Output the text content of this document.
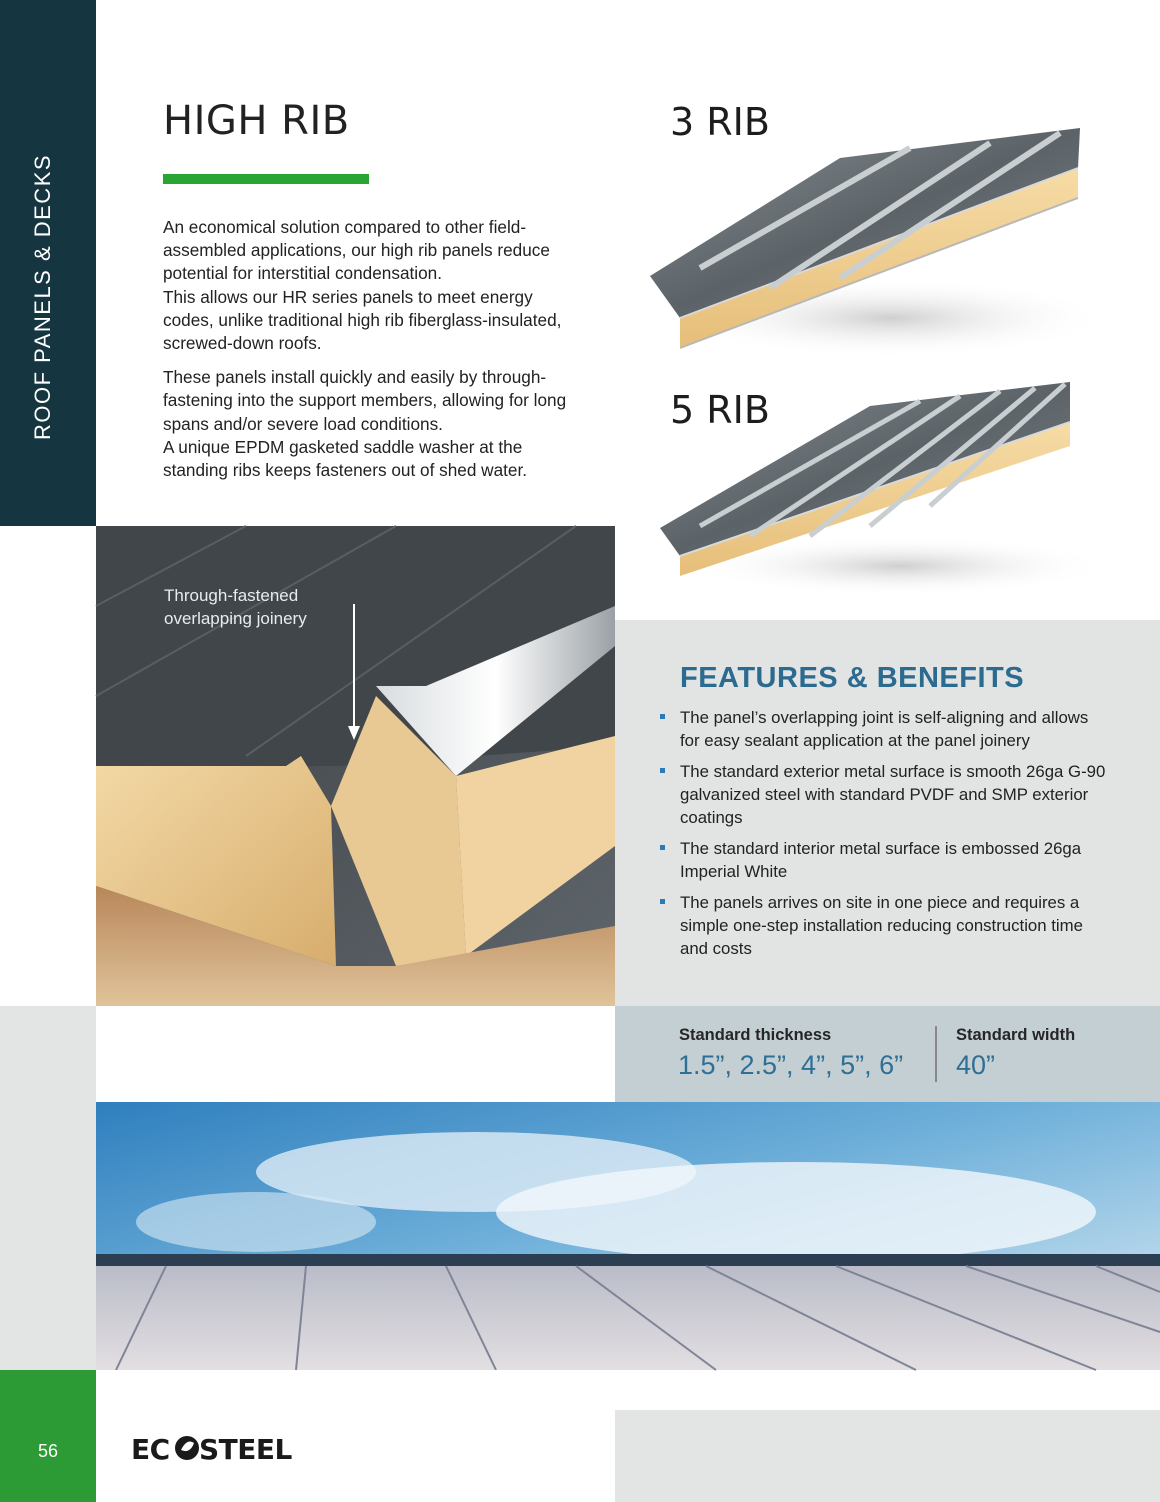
ROOF PANELS & DECKS
56
HIGH RIB

An economical solution compared to other field-
assembled applications, our high rib panels reduce
potential for interstitial condensation.
This allows our HR series panels to meet energy
codes, unlike traditional high rib fiberglass-insulated,
screwed-down roofs.

These panels install quickly and easily by through-
fastening into the support members, allowing for long
spans and/or severe load conditions.
A unique EPDM gasketed saddle washer at the
standing ribs keeps fasteners out of shed water.

3 RIB
5 RIB
Through-fastened
overlapping joinery
FEATURES & BENEFITS
The panel’s overlapping joint is self-aligning and allows for easy sealant application at the panel joinery
The standard exterior metal surface is smooth 26ga G-90 galvanized steel with standard PVDF and SMP exterior coatings
The standard interior metal surface is embossed 26ga Imperial White
The panels arrives on site in one piece and requires a simple one-step installation reducing construction time and costs
Standard thickness
1.5”, 2.5”, 4”, 5”, 6”
Standard width
40”
EC STEEL
